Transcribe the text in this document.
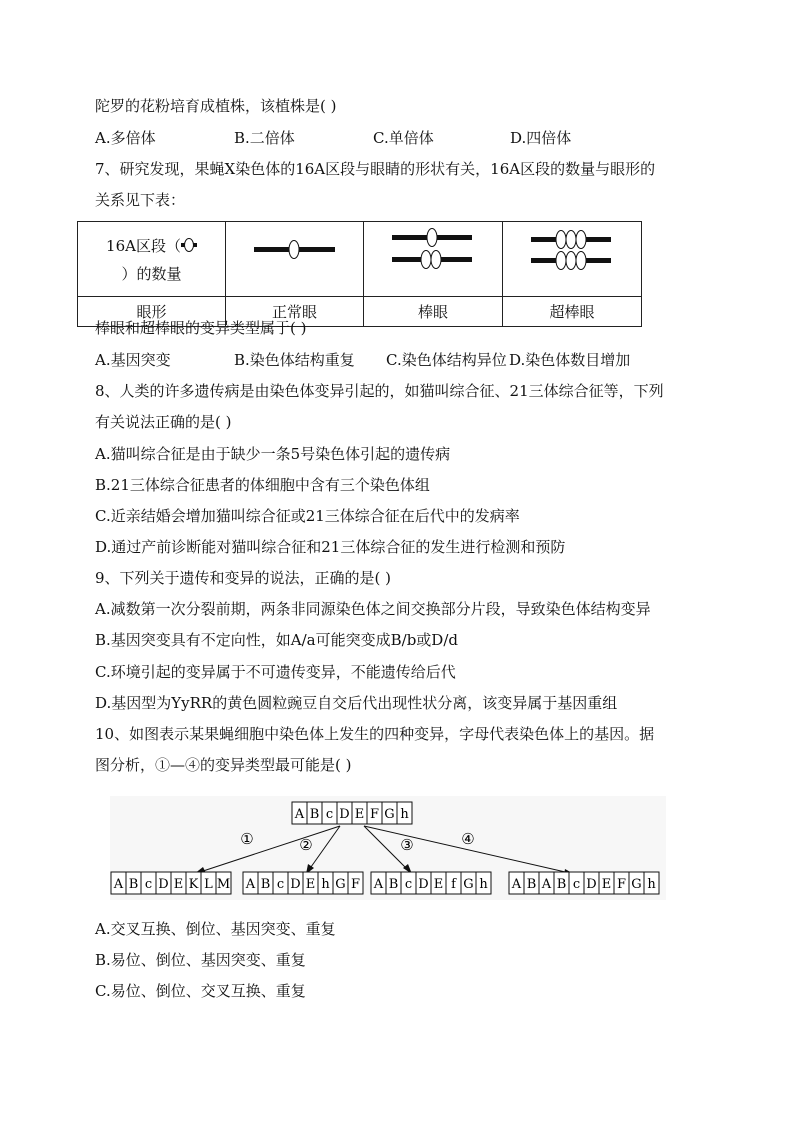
陀罗的花粉培育成植株，该植株是( )
A.多倍体	B.二倍体	C.单倍体	D.四倍体
7、研究发现，果蝇X染色体的16A区段与眼睛的形状有关，16A区段的数量与眼形的
关系见下表：
16A区段（
）的数量

眼形	正常眼	棒眼	超棒眼
棒眼和超棒眼的变异类型属于( )
A.基因突变	B.染色体结构重复 C.染色体结构异位 D.染色体数目增加
8、人类的许多遗传病是由染色体变异引起的，如猫叫综合征、21三体综合征等，下列
有关说法正确的是( )
A.猫叫综合征是由于缺少一条5号染色体引起的遗传病
B.21三体综合征患者的体细胞中含有三个染色体组
C.近亲结婚会增加猫叫综合征或21三体综合征在后代中的发病率
D.通过产前诊断能对猫叫综合征和21三体综合征的发生进行检测和预防
9、下列关于遗传和变异的说法，正确的是( )
A.减数第一次分裂前期，两条非同源染色体之间交换部分片段，导致染色体结构变异
B.基因突变具有不定向性，如A/a可能突变成B/b或D/d
C.环境引起的变异属于不可遗传变异，不能遗传给后代
D.基因型为YyRR的黄色圆粒豌豆自交后代出现性状分离，该变异属于基因重组
10、如图表示某果蝇细胞中染色体上发生的四种变异，字母代表染色体上的基因。据
图分析，①—④的变异类型最可能是( )
A B c D E F G h
①	②	③	④
A B c D E K L M A B c D E h G F A B c D E f G h A B A B c D E F G h
A.交叉互换、倒位、基因突变、重复
B.易位、倒位、基因突变、重复
C.易位、倒位、交叉互换、重复
